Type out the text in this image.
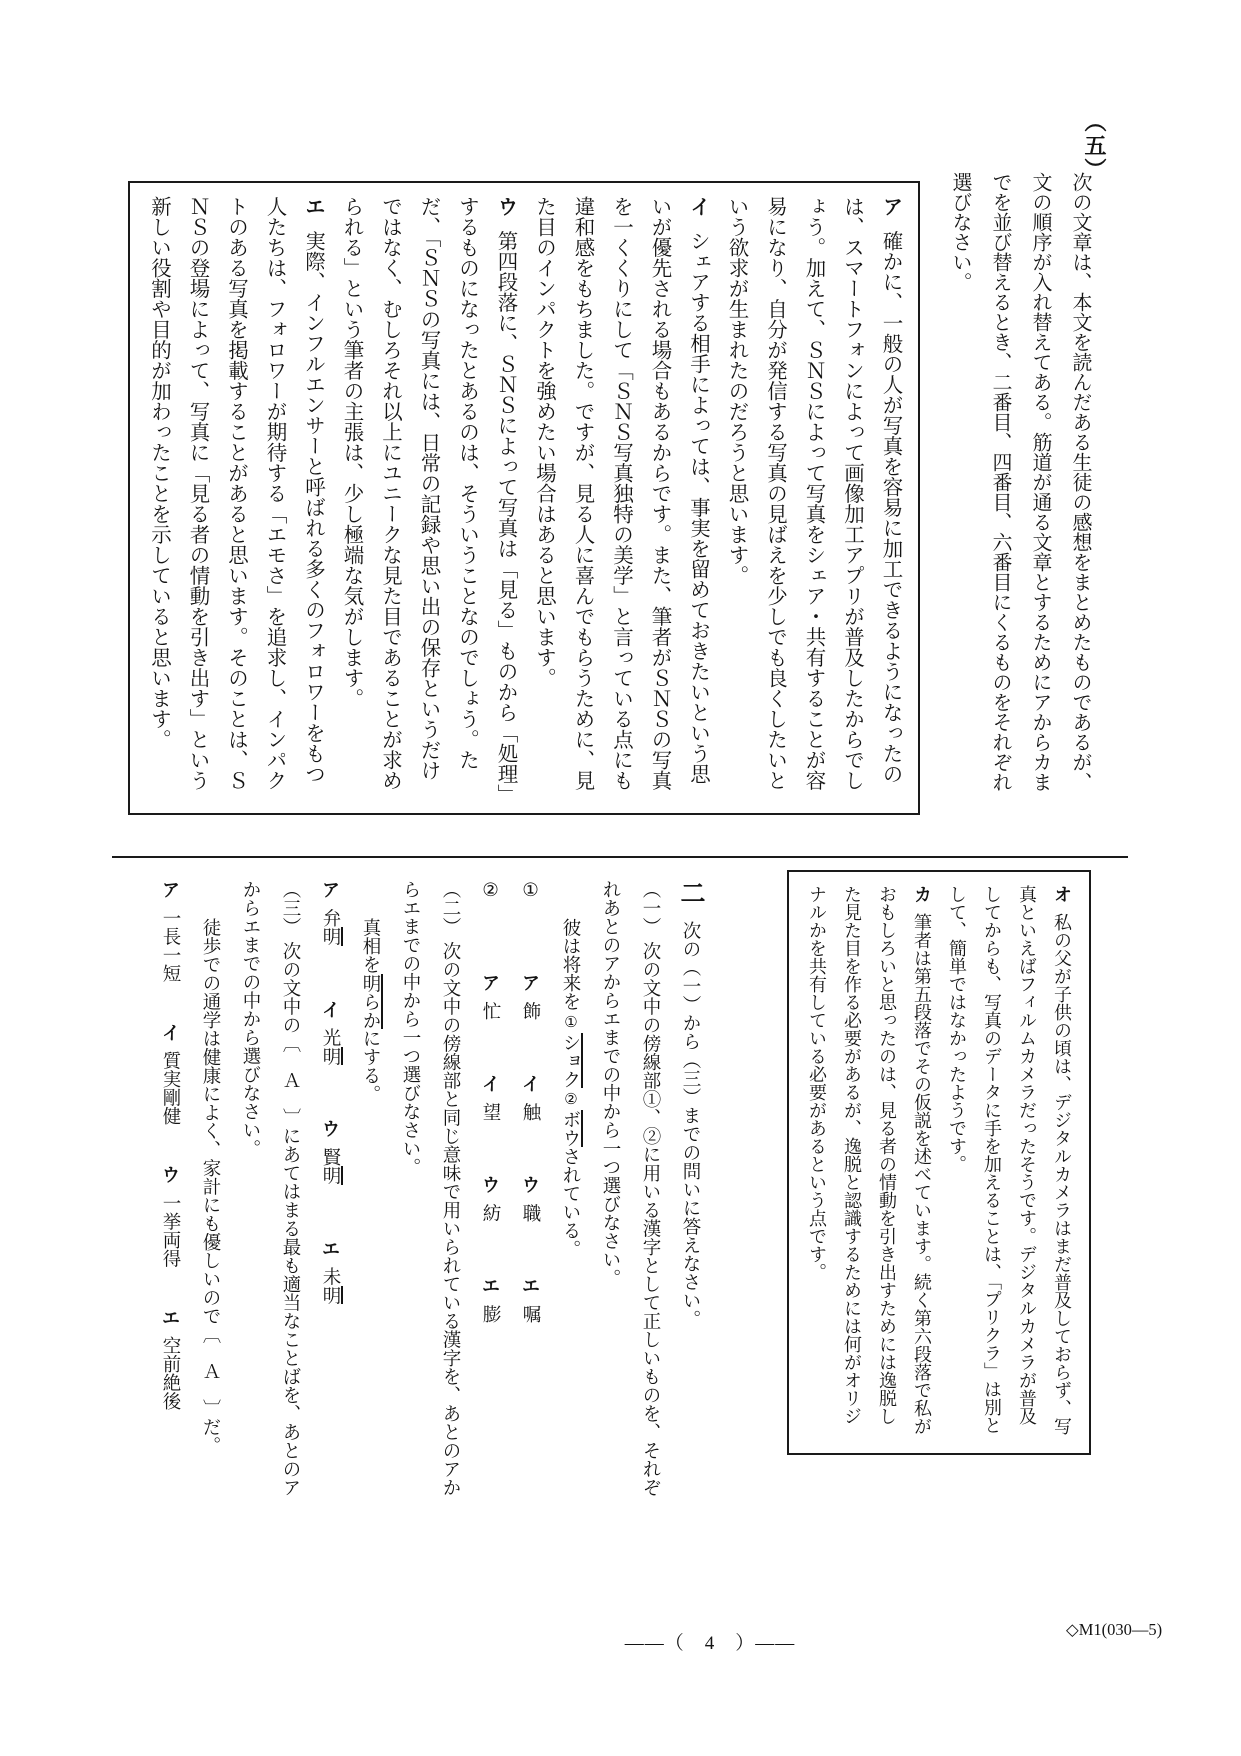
（五）
次の文章は、本文を読んだある生徒の感想をまとめたものであるが、文の順序が入れ替えてある。筋道が通る文章とするためにアからカまでを並び替えるとき、二番目、四番目、六番目にくるものをそれぞれ選びなさい。

ア確かに、一般の人が写真を容易に加工できるようになったのは、スマートフォンによって画像加工アプリが普及したからでしょう。加えて、ＳＮＳによって写真をシェア・共有することが容易になり、自分が発信する写真の見ばえを少しでも良くしたいという欲求が生まれたのだろうと思います。

イシェアする相手によっては、事実を留めておきたいという思いが優先される場合もあるからです。また、筆者がＳＮＳの写真を一くくりにして「ＳＮＳ写真独特の美学」と言っている点にも違和感をもちました。ですが、見る人に喜んでもらうために、見た目のインパクトを強めたい場合はあると思います。

ウ第四段落に、ＳＮＳによって写真は「見る」ものから「処理」するものになったとあるのは、そういうことなのでしょう。ただ、「ＳＮＳの写真には、日常の記録や思い出の保存というだけではなく、むしろそれ以上にユニークな見た目であることが求められる」という筆者の主張は、少し極端な気がします。

エ実際、インフルエンサーと呼ばれる多くのフォロワーをもつ人たちは、フォロワーが期待する「エモさ」を追求し、インパクトのある写真を掲載することがあると思います。そのことは、ＳＮＳの登場によって、写真に「見る者の情動を引き出す」という新しい役割や目的が加わったことを示していると思います。

オ私の父が子供の頃は、デジタルカメラはまだ普及しておらず、写真といえばフィルムカメラだったそうです。デジタルカメラが普及してからも、写真のデータに手を加えることは、「プリクラ」は別として、簡単ではなかったようです。

カ筆者は第五段落でその仮説を述べています。続く第六段落で私がおもしろいと思ったのは、見る者の情動を引き出すためには逸脱した見た目を作る必要があるが、逸脱と認識するためには何がオリジナルかを共有している必要があるという点です。

二次の（一）から（三）までの問いに答えなさい。

（一）次の文中の傍線部①、②に用いる漢字として正しいものを、それぞれあとのアからエまでの中から一つ選びなさい。

彼は将来を①ショク②ボウされている。

①ア飾イ触ウ職エ嘱

②ア忙イ望ウ紡エ膨

（二）次の文中の傍線部と同じ意味で用いられている漢字を、あとのアからエまでの中から一つ選びなさい。

真相を明らかにする。

ア弁明イ光明ウ賢明エ未明

（三）次の文中の〔　Ａ　〕にあてはまる最も適当なことばを、あとのアからエまでの中から選びなさい。

徒歩での通学は健康によく、家計にも優しいので〔　Ａ　〕だ。

ア一長一短イ質実剛健ウ一挙両得エ空前絶後

——（　4　）——
◇M1(030—5)
